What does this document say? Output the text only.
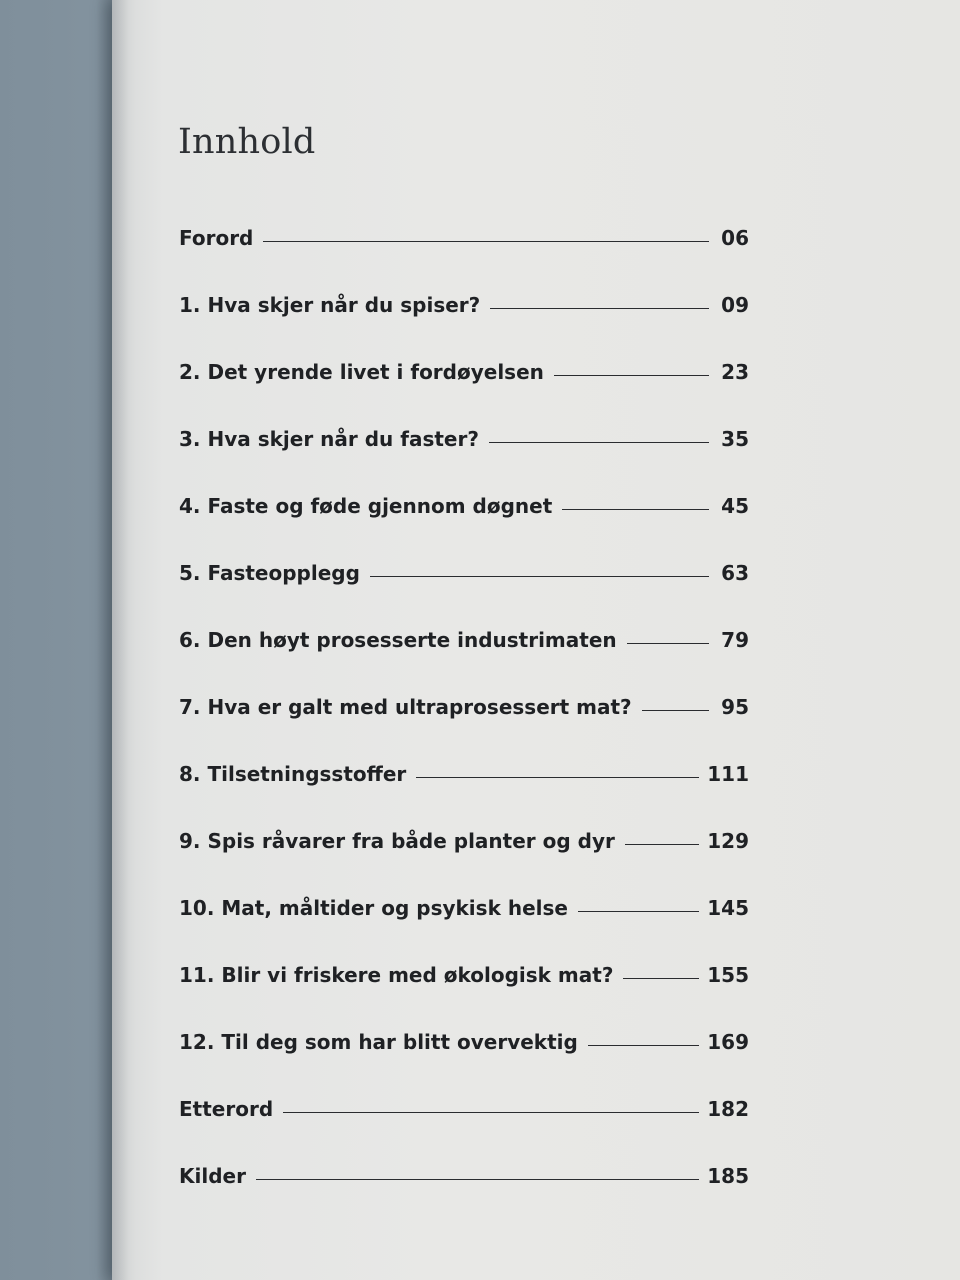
Innhold
Forord	06
1. Hva skjer når du spiser?	09
2. Det yrende livet i fordøyelsen	23
3. Hva skjer når du faster?	35
4. Faste og føde gjennom døgnet	45
5. Fasteopplegg	63
6. Den høyt prosesserte industrimaten	79
7. Hva er galt med ultraprosessert mat?	95
8. Tilsetningsstoffer	111
9. Spis råvarer fra både planter og dyr	129
10. Mat, måltider og psykisk helse	145
11. Blir vi friskere med økologisk mat?	155
12. Til deg som har blitt overvektig	169
Etterord	182
Kilder	185
